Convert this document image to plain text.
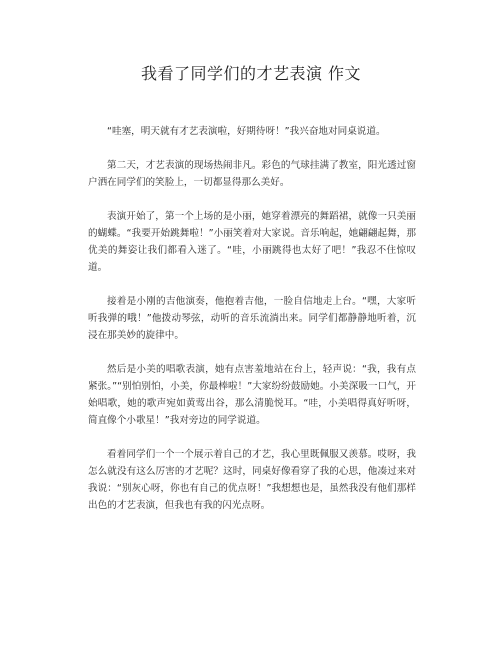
我看了同学们的才艺表演 作文

“哇塞，明天就有才艺表演啦，好期待呀！”我兴奋地对同桌说道。

第二天，才艺表演的现场热闹非凡。彩色的气球挂满了教室，阳光透过窗户洒在同学们的笑脸上，一切都显得那么美好。

表演开始了，第一个上场的是小丽，她穿着漂亮的舞蹈裙，就像一只美丽的蝴蝶。“我要开始跳舞啦！”小丽笑着对大家说。音乐响起，她翩翩起舞，那优美的舞姿让我们都看入迷了。“哇，小丽跳得也太好了吧！”我忍不住惊叹道。

接着是小刚的吉他演奏，他抱着吉他，一脸自信地走上台。“嘿，大家听听我弹的哦！”他拨动琴弦，动听的音乐流淌出来。同学们都静静地听着，沉浸在那美妙的旋律中。

然后是小美的唱歌表演，她有点害羞地站在台上，轻声说：“我，我有点紧张。”“别怕别怕，小美，你最棒啦！”大家纷纷鼓励她。小美深吸一口气，开始唱歌，她的歌声宛如黄莺出谷，那么清脆悦耳。“哇，小美唱得真好听呀，简直像个小歌星！”我对旁边的同学说道。

看着同学们一个一个展示着自己的才艺，我心里既佩服又羡慕。哎呀，我怎么就没有这么厉害的才艺呢？这时，同桌好像看穿了我的心思，他凑过来对我说：“别灰心呀，你也有自己的优点呀！”我想想也是，虽然我没有他们那样出色的才艺表演，但我也有我的闪光点呀。
